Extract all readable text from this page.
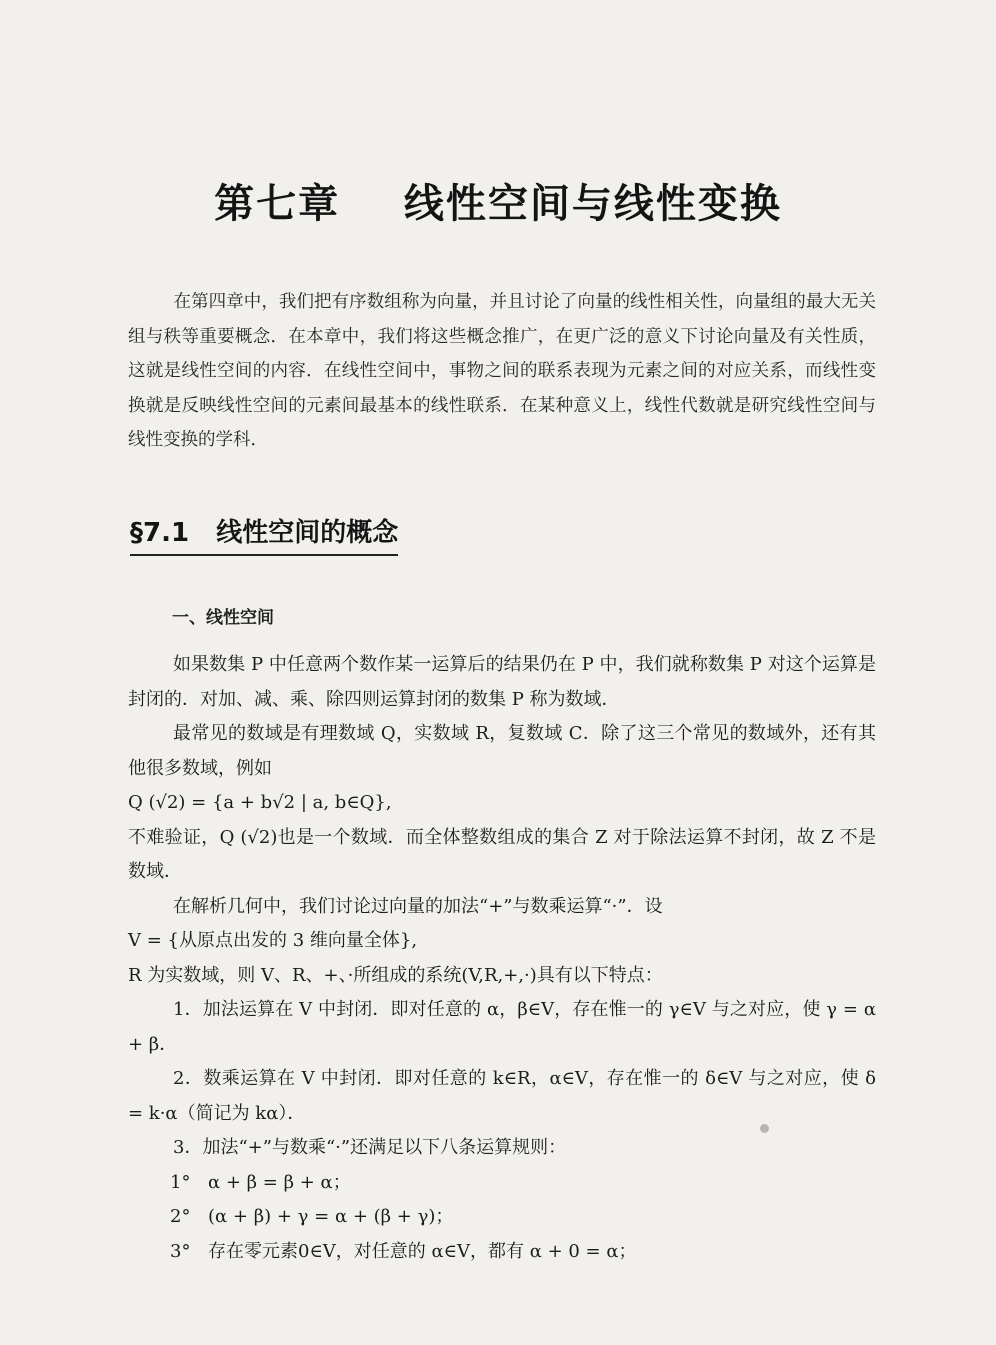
第七章    线性空间与线性变换
在第四章中，我们把有序数组称为向量，并且讨论了向量的线性相关性，向量组的最大无关组与秩等重要概念．在本章中，我们将这些概念推广，在更广泛的意义下讨论向量及有关性质，这就是线性空间的内容．在线性空间中，事物之间的联系表现为元素之间的对应关系，而线性变换就是反映线性空间的元素间最基本的线性联系．在某种意义上，线性代数就是研究线性空间与线性变换的学科．
§7.1   线性空间的概念
一、线性空间

如果数集 P 中任意两个数作某一运算后的结果仍在 P 中，我们就称数集 P 对这个运算是封闭的．对加、减、乘、除四则运算封闭的数集 P 称为数域．

最常见的数域是有理数域 Q，实数域 R，复数域 C．除了这三个常见的数域外，还有其他很多数域，例如

Q (√2) = {a + b√2 | a, b∈Q},

不难验证，Q (√2)也是一个数域．而全体整数组成的集合 Z 对于除法运算不封闭，故 Z 不是数域．

在解析几何中，我们讨论过向量的加法“+”与数乘运算“·”．设

V = {从原点出发的 3 维向量全体},

R 为实数域，则 V、R、+、·所组成的系统(V,R,+,·)具有以下特点：

1．加法运算在 V 中封闭．即对任意的 α，β∈V，存在惟一的 γ∈V 与之对应，使 γ = α + β．

2．数乘运算在 V 中封闭．即对任意的 k∈R，α∈V，存在惟一的 δ∈V 与之对应，使 δ = k·α（简记为 kα）．

3．加法“+”与数乘“·”还满足以下八条运算规则：

1° α + β = β + α；

2° (α + β) + γ = α + (β + γ)；

3° 存在零元素0∈V，对任意的 α∈V，都有 α + 0 = α；
